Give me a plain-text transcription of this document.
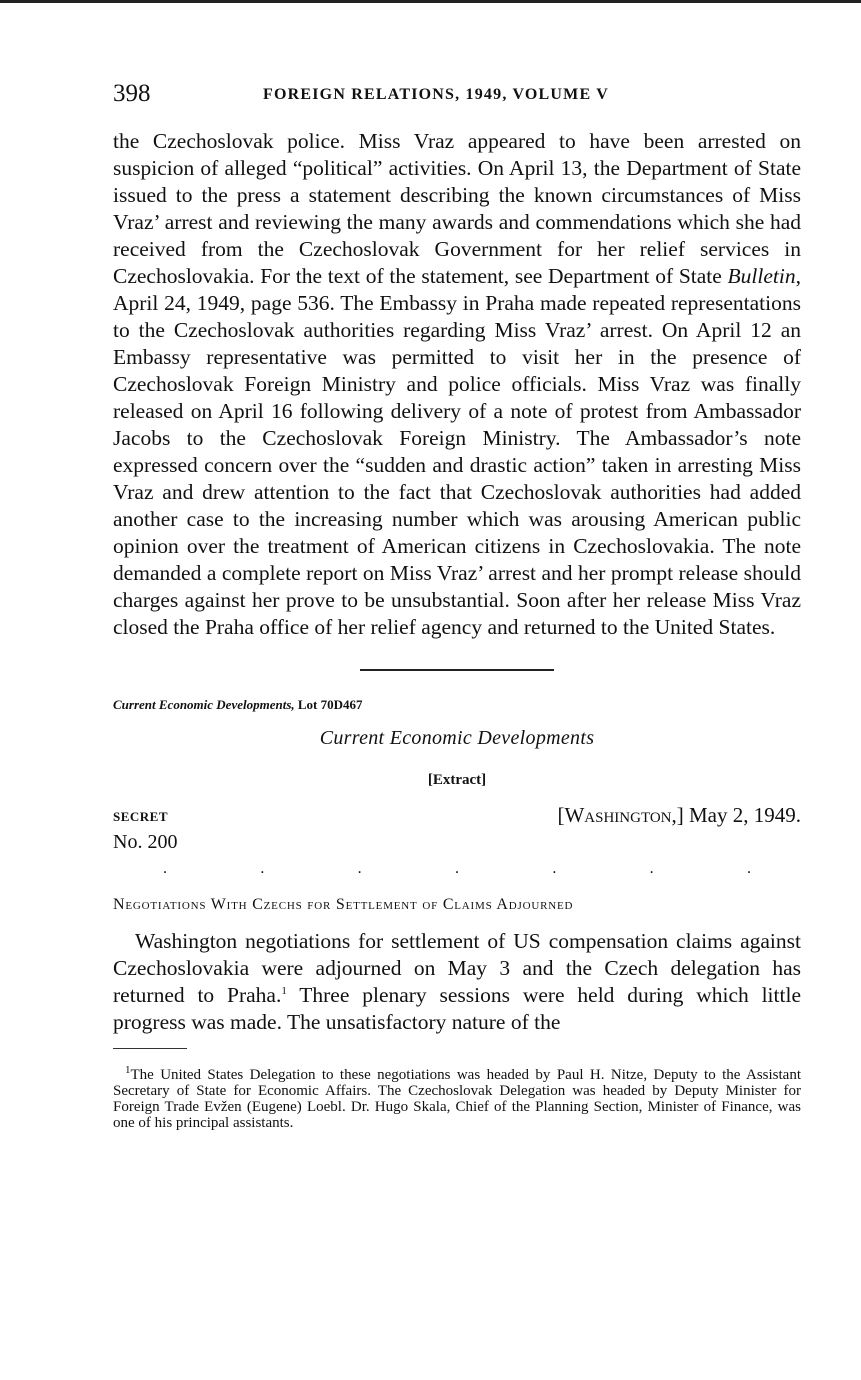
398	FOREIGN RELATIONS, 1949, VOLUME V

the Czechoslovak police. Miss Vraz appeared to have been arrested on suspicion of alleged “political” activities. On April 13, the Department of State issued to the press a statement describing the known circumstances of Miss Vraz’ arrest and reviewing the many awards and commendations which she had received from the Czechoslovak Government for her relief services in Czechoslovakia. For the text of the statement, see Department of State Bulletin, April 24, 1949, page 536. The Embassy in Praha made repeated representations to the Czechoslovak authorities regarding Miss Vraz’ arrest. On April 12 an Embassy representative was permitted to visit her in the presence of Czechoslovak Foreign Ministry and police officials. Miss Vraz was finally released on April 16 following delivery of a note of protest from Ambassador Jacobs to the Czechoslovak Foreign Ministry. The Ambassador’s note expressed concern over the “sudden and drastic action” taken in arresting Miss Vraz and drew attention to the fact that Czechoslovak authorities had added another case to the increasing number which was arousing American public opinion over the treatment of American citizens in Czechoslovakia. The note demanded a complete report on Miss Vraz’ arrest and her prompt release should charges against her prove to be unsubstantial. Soon after her release Miss Vraz closed the Praha office of her relief agency and returned to the United States.

Current Economic Developments, Lot 70D467
Current Economic Developments
[Extract]
SECRET	[Washington,] May 2, 1949.
No. 200
.	.	.	.	.	.	.
Negotiations With Czechs for Settlement of Claims Adjourned

Washington negotiations for settlement of US compensation claims against Czechoslovakia were adjourned on May 3 and the Czech delegation has returned to Praha.$^1$ Three plenary sessions were held during which little progress was made. The unsatisfactory nature of the

$^1$The United States Delegation to these negotiations was headed by Paul H. Nitze, Deputy to the Assistant Secretary of State for Economic Affairs. The Czechoslovak Delegation was headed by Deputy Minister for Foreign Trade Evžen (Eugene) Loebl. Dr. Hugo Skala, Chief of the Planning Section, Minister of Finance, was one of his principal assistants.
